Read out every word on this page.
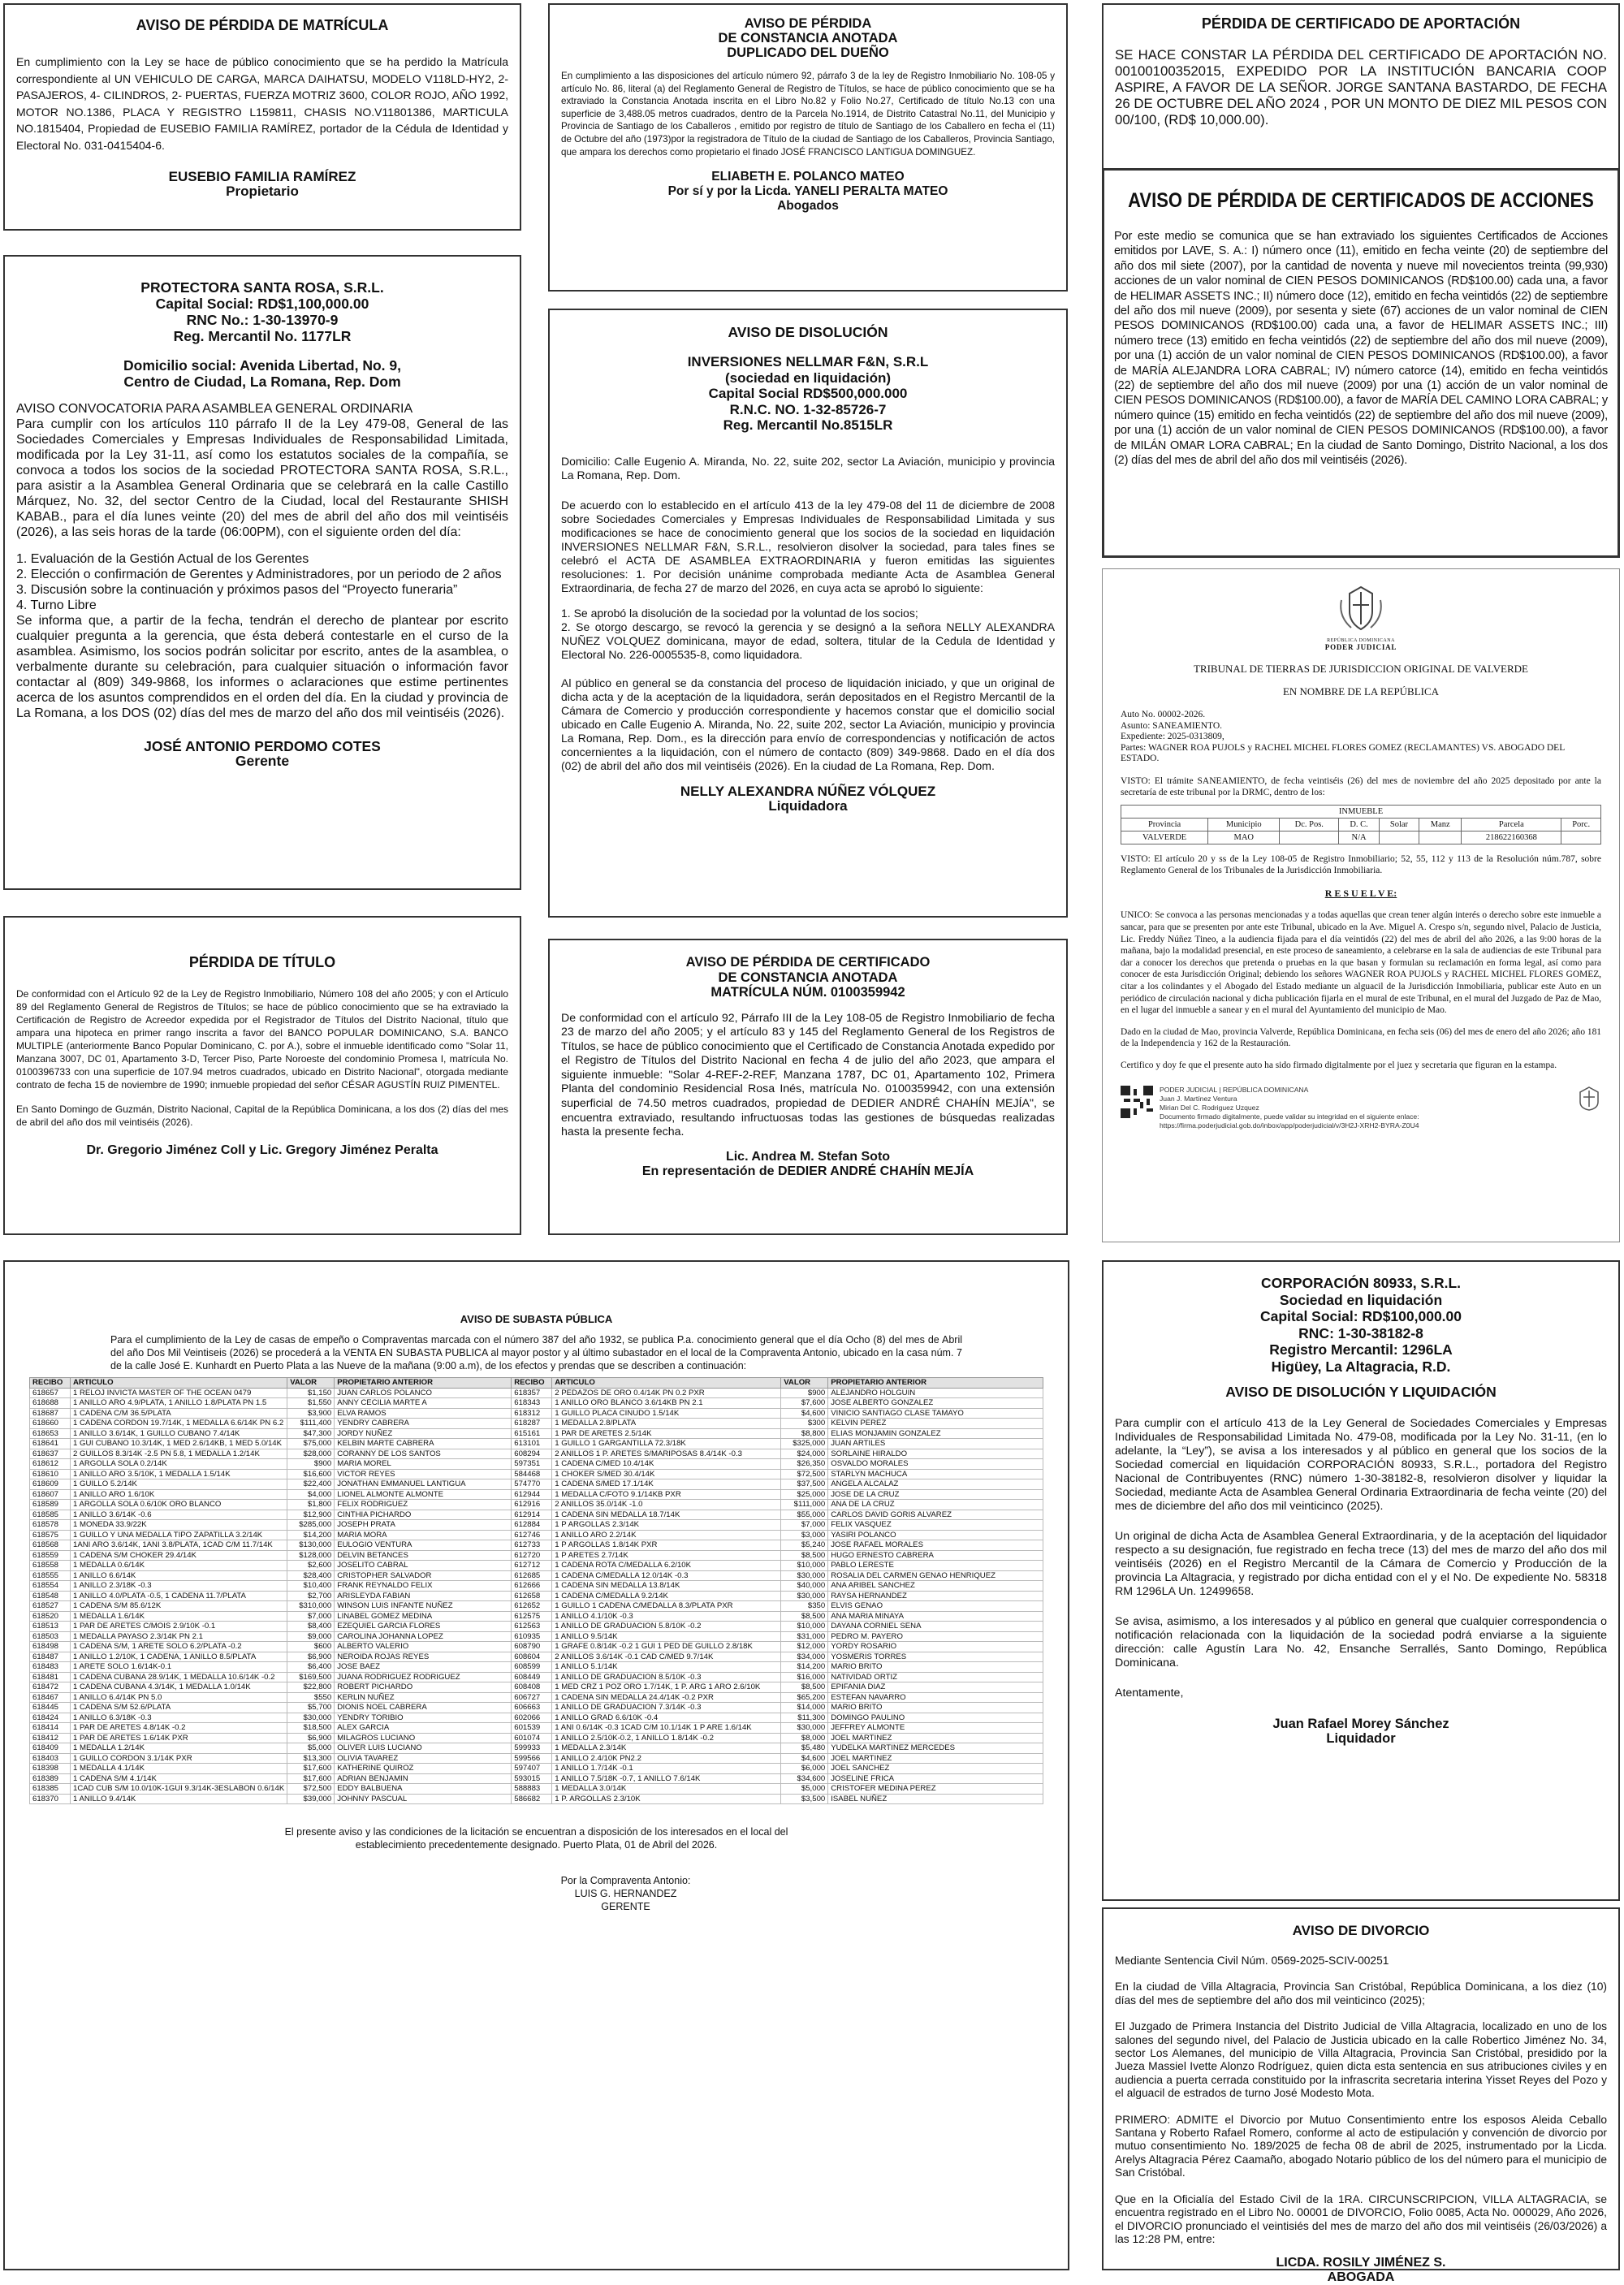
AVISO DE PÉRDIDA DE MATRÍCULA
En cumplimiento con la Ley se hace de público conocimiento que se ha perdido la Matrícula correspondiente al UN VEHICULO DE CARGA, MARCA DAIHATSU, MODELO V118LD-HY2, 2- PASAJEROS, 4- CILINDROS, 2- PUERTAS, FUERZA MOTRIZ 3600, COLOR ROJO, AÑO 1992, MOTOR NO.1386, PLACA Y REGISTRO L159811, CHASIS NO.V11801386, MARTICULA NO.1815404, Propiedad de EUSEBIO FAMILIA RAMÍREZ, portador de la Cédula de Identidad y Electoral No. 031-0415404-6.
EUSEBIO FAMILIA RAMÍREZ
Propietario
AVISO DE PÉRDIDA
DE CONSTANCIA ANOTADA
DUPLICADO DEL DUEÑO
En cumplimiento a las disposiciones del artículo número 92, párrafo 3 de la ley de Registro Inmobiliario No. 108-05 y artículo No. 86, literal (a) del Reglamento General de Registro de Títulos, se hace de público conocimiento que se ha extraviado la Constancia Anotada inscrita en el Libro No.82 y Folio No.27, Certificado de título No.13 con una superficie de 3,488.05 metros cuadrados, dentro de la Parcela No.1914, de Distrito Catastral No.11, del Municipio y Provincia de Santiago de los Caballeros , emitido por registro de título de Santiago de los Caballero en fecha el (11) de Octubre del año (1973)por la registradora de Título de la ciudad de Santiago de los Caballeros, Provincia Santiago, que ampara los derechos como propietario el finado JOSÉ FRANCISCO LANTIGUA DOMINGUEZ.
ELIABETH E. POLANCO MATEO
Por sí y por la Licda. YANELI PERALTA MATEO
Abogados
PÉRDIDA DE CERTIFICADO DE APORTACIÓN
SE HACE CONSTAR LA PÉRDIDA DEL CERTIFICADO DE APORTACIÓN NO. 00100100352015, EXPEDIDO POR LA INSTITUCIÓN BANCARIA COOP ASPIRE, A FAVOR DE LA SEÑOR. JORGE SANTANA BASTARDO, DE FECHA 26 DE OCTUBRE DEL AÑO 2024 , POR UN MONTO DE DIEZ MIL PESOS CON 00/100, (RD$ 10,000.00).
AVISO DE PÉRDIDA DE CERTIFICADOS DE ACCIONES
Por este medio se comunica que se han extraviado los siguientes Certificados de Acciones emitidos por LAVE, S. A.: I) número once (11), emitido en fecha veinte (20) de septiembre del año dos mil siete (2007), por la cantidad de noventa y nueve mil novecientos treinta (99,930) acciones de un valor nominal de CIEN PESOS DOMINICANOS (RD$100.00) cada una, a favor de HELIMAR ASSETS INC.; II) número doce (12), emitido en fecha veintidós (22) de septiembre del año dos mil nueve (2009), por sesenta y siete (67) acciones de un valor nominal de CIEN PESOS DOMINICANOS (RD$100.00) cada una, a favor de HELIMAR ASSETS INC.; III) número trece (13) emitido en fecha veintidós (22) de septiembre del año dos mil nueve (2009), por una (1) acción de un valor nominal de CIEN PESOS DOMINICANOS (RD$100.00), a favor de MARÍA ALEJANDRA LORA CABRAL; IV) número catorce (14), emitido en fecha veintidós (22) de septiembre del año dos mil nueve (2009) por una (1) acción de un valor nominal de CIEN PESOS DOMINICANOS (RD$100.00), a favor de MARÍA DEL CAMINO LORA CABRAL; y número quince (15) emitido en fecha veintidós (22) de septiembre del año dos mil nueve (2009), por una (1) acción de un valor nominal de CIEN PESOS DOMINICANOS (RD$100.00), a favor de MILÁN OMAR LORA CABRAL; En la ciudad de Santo Domingo, Distrito Nacional, a los dos (2) días del mes de abril del año dos mil veintiséis (2026).
PROTECTORA SANTA ROSA, S.R.L.
Capital Social: RD$1,100,000.00
RNC No.: 1-30-13970-9
Reg. Mercantil No. 1177LR
Domicilio social: Avenida Libertad, No. 9,
Centro de Ciudad, La Romana, Rep. Dom
AVISO CONVOCATORIA PARA ASAMBLEA GENERAL ORDINARIA
Para cumplir con los artículos 110 párrafo II de la Ley 479-08, General de las Sociedades Comerciales y Empresas Individuales de Responsabilidad Limitada, modificada por la Ley 31-11, así como los estatutos sociales de la compañía, se convoca a todos los socios de la sociedad PROTECTORA SANTA ROSA, S.R.L., para asistir a la Asamblea General Ordinaria que se celebrará en la calle Castillo Márquez, No. 32, del sector Centro de la Ciudad, local del Restaurante SHISH KABAB., para el día lunes veinte (20) del mes de abril del año dos mil veintiséis (2026), a las seis horas de la tarde (06:00PM), con el siguiente orden del día:
1. Evaluación de la Gestión Actual de los Gerentes
2. Elección o confirmación de Gerentes y Administradores, por un periodo de 2 años
3. Discusión sobre la continuación y próximos pasos del “Proyecto funeraria”
4. Turno Libre
Se informa que, a partir de la fecha, tendrán el derecho de plantear por escrito cualquier pregunta a la gerencia, que ésta deberá contestarle en el curso de la asamblea. Asimismo, los socios podrán solicitar por escrito, antes de la asamblea, o verbalmente durante su celebración, para cualquier situación o información favor contactar al (809) 349-9868, los informes o aclaraciones que estime pertinentes acerca de los asuntos comprendidos en el orden del día. En la ciudad y provincia de La Romana, a los DOS (02) días del mes de marzo del año dos mil veintiséis (2026).
JOSÉ ANTONIO PERDOMO COTES
Gerente
AVISO DE DISOLUCIÓN
INVERSIONES NELLMAR F&N, S.R.L
(sociedad en liquidación)
Capital Social RD$500,000.000
R.N.C. NO. 1-32-85726-7
Reg. Mercantil No.8515LR
Domicilio: Calle Eugenio A. Miranda, No. 22, suite 202, sector La Aviación, municipio y provincia La Romana, Rep. Dom.
De acuerdo con lo establecido en el artículo 413 de la ley 479-08 del 11 de diciembre de 2008 sobre Sociedades Comerciales y Empresas Individuales de Responsabilidad Limitada y sus modificaciones se hace de conocimiento general que los socios de la sociedad en liquidación INVERSIONES NELLMAR F&N, S.R.L., resolvieron disolver la sociedad, para tales fines se celebró el ACTA DE ASAMBLEA EXTRAORDINARIA y fueron emitidas las siguientes resoluciones: 1. Por decisión unánime comprobada mediante Acta de Asamblea General Extraordinaria, de fecha 27 de marzo del 2026, en cuya acta se aprobó lo siguiente:
1. Se aprobó la disolución de la sociedad por la voluntad de los socios;
2. Se otorgo descargo, se revocó la gerencia y se designó a la señora NELLY ALEXANDRA NUÑEZ VOLQUEZ dominicana, mayor de edad, soltera, titular de la Cedula de Identidad y Electoral No. 226-0005535-8, como liquidadora.
Al público en general se da constancia del proceso de liquidación iniciado, y que un original de dicha acta y de la aceptación de la liquidadora, serán depositados en el Registro Mercantil de la Cámara de Comercio y producción correspondiente y hacemos constar que el domicilio social ubicado en Calle Eugenio A. Miranda, No. 22, suite 202, sector La Aviación, municipio y provincia La Romana, Rep. Dom., es la dirección para envío de correspondencias y notificación de actos concernientes a la liquidación, con el número de contacto (809) 349-9868. Dado en el día dos (02) de abril del año dos mil veintiséis (2026). En la ciudad de La Romana, Rep. Dom.
NELLY ALEXANDRA NÚÑEZ VÓLQUEZ
Liquidadora
PÉRDIDA DE TÍTULO
De conformidad con el Artículo 92 de la Ley de Registro Inmobiliario, Número 108 del año 2005; y con el Artículo 89 del Reglamento General de Registros de Títulos; se hace de público conocimiento que se ha extraviado la Certificación de Registro de Acreedor expedida por el Registrador de Títulos del Distrito Nacional, título que ampara una hipoteca en primer rango inscrita a favor del BANCO POPULAR DOMINICANO, S.A. BANCO MULTIPLE (anteriormente Banco Popular Dominicano, C. por A.), sobre el inmueble identificado como "Solar 11, Manzana 3007, DC 01, Apartamento 3-D, Tercer Piso, Parte Noroeste del condominio Promesa I, matrícula No. 0100396733 con una superficie de 107.94 metros cuadrados, ubicado en Distrito Nacional", otorgada mediante contrato de fecha 15 de noviembre de 1990; inmueble propiedad del señor CÉSAR AGUSTÍN RUIZ PIMENTEL.
En Santo Domingo de Guzmán, Distrito Nacional, Capital de la República Dominicana, a los dos (2) días del mes de abril del año dos mil veintiséis (2026).
Dr. Gregorio Jiménez Coll y Lic. Gregory Jiménez Peralta
AVISO DE PÉRDIDA DE CERTIFICADO
DE CONSTANCIA ANOTADA
MATRÍCULA NÚM. 0100359942
De conformidad con el artículo 92, Párrafo III de la Ley 108-05 de Registro Inmobiliario de fecha 23 de marzo del año 2005; y el artículo 83 y 145 del Reglamento General de los Registros de Títulos, se hace de público conocimiento que el Certificado de Constancia Anotada expedido por el Registro de Títulos del Distrito Nacional en fecha 4 de julio del año 2023, que ampara el siguiente inmueble: "Solar 4-REF-2-REF, Manzana 1787, DC 01, Apartamento 102, Primera Planta del condominio Residencial Rosa Inés, matrícula No. 0100359942, con una extensión superficial de 74.50 metros cuadrados, propiedad de DEDIER ANDRÉ CHAHÍN MEJÍA", se encuentra extraviado, resultando infructuosas todas las gestiones de búsquedas realizadas hasta la presente fecha.
Lic. Andrea M. Stefan Soto
En representación de DEDIER ANDRÉ CHAHÍN MEJÍA
REPÚBLICA DOMINICANA
PODER JUDICIAL
TRIBUNAL DE TIERRAS DE JURISDICCION ORIGINAL DE VALVERDE
EN NOMBRE DE LA REPÚBLICA
Auto No. 00002-2026.
Asunto: SANEAMIENTO.
Expediente: 2025-0313809,
Partes: WAGNER ROA PUJOLS y RACHEL MICHEL FLORES GOMEZ (RECLAMANTES) VS. ABOGADO DEL ESTADO.
VISTO: El trámite SANEAMIENTO, de fecha veintiséis (26) del mes de noviembre del año 2025 depositado por ante la secretaría de este tribunal por la DRMC, dentro de los:
INMUEBLE							
Provincia	Municipio	Dc. Pos.	D. C.	Solar	Manz	Parcela	Porc.
VALVERDE	MAO		N/A			218622160368	
VISTO: El artículo 20 y ss de la Ley 108-05 de Registro Inmobiliario; 52, 55, 112 y 113 de la Resolución núm.787, sobre Reglamento General de los Tribunales de la Jurisdicción Inmobiliaria.
R E S U E L V E:
UNICO: Se convoca a las personas mencionadas y a todas aquellas que crean tener algún interés o derecho sobre este inmueble a sancar, para que se presenten por ante este Tribunal, ubicado en la Ave. Miguel A. Crespo s/n, segundo nivel, Palacio de Justicia, Lic. Freddy Núñez Tineo, a la audiencia fijada para el día veintidós (22) del mes de abril del año 2026, a las 9:00 horas de la mañana, bajo la modalidad presencial, en este proceso de saneamiento, a celebrarse en la sala de audiencias de este Tribunal para dar a conocer los derechos que pretenda o pruebas en la que basan y formulan su reclamación en forma legal, así como para conocer de esta Jurisdicción Original; debiendo los señores WAGNER ROA PUJOLS y RACHEL MICHEL FLORES GOMEZ, citar a los colindantes y el Abogado del Estado mediante un alguacil de la Jurisdicción Inmobiliaria, publicar este Auto en un periódico de circulación nacional y dicha publicación fijarla en el mural de este Tribunal, en el mural del Juzgado de Paz de Mao, en el lugar del inmueble a sanear y en el mural del Ayuntamiento del municipio de Mao.
Dado en la ciudad de Mao, provincia Valverde, República Dominicana, en fecha seis (06) del mes de enero del año 2026; año 181 de la Independencia y 162 de la Restauración.
Certifico y doy fe que el presente auto ha sido firmado digitalmente por el juez y secretaria que figuran en la estampa.
PODER JUDICIAL | REPÚBLICA DOMINICANA
Juan J. Martínez Ventura
Mirian Del C. Rodriguez Uzquez
Documento firmado digitalmente, puede validar su integridad en el siguiente enlace:
https://firma.poderjudicial.gob.do/inbox/app/poderjudicial/v/3H2J-XRH2-BYRA-Z0U4
AVISO DE SUBASTA PÚBLICA
Para el cumplimiento de la Ley de casas de empeño o Compraventas marcada con el número 387 del año 1932, se publica P.a. conocimiento general que el día Ocho (8) del mes de Abril del año Dos Mil Veintiseis (2026) se procederá a la VENTA EN SUBASTA PUBLICA al mayor postor y al último subastador en el local de la Compraventa Antonio, ubicado en la casa núm. 7 de la calle José E. Kunhardt en Puerto Plata a las Nueve de la mañana (9:00 a.m), de los efectos y prendas que se describen a continuación:
RECIBO	ARTICULO	VALOR	PROPIETARIO ANTERIOR	RECIBO	ARTICULO	VALOR	PROPIETARIO ANTERIOR
618657	1 RELOJ INVICTA MASTER OF THE OCEAN 0479	$1,150	JUAN CARLOS POLANCO	618357	2 PEDAZOS DE ORO 0.4/14K PN 0.2 PXR	$900	ALEJANDRO HOLGUIN
618688	1 ANILLO ARO 4.9/PLATA, 1 ANILLO 1.8/PLATA PN 1.5	$1,550	ANNY CECILIA MARTE A	618343	1 ANILLO ORO BLANCO 3.6/14KB PN 2.1	$7,600	JOSE ALBERTO GONZALEZ
618687	1 CADENA C/M 36.5/PLATA	$3,900	ELVA RAMOS	618312	1 GUILLO PLACA CINUDO 1.5/14K	$4,600	VINICIO SANTIAGO CLASE TAMAYO
618660	1 CADENA CORDON 19.7/14K, 1 MEDALLA 6.6/14K PN 6.2	$111,400	YENDRY CABRERA	618287	1 MEDALLA 2.8/PLATA	$300	KELVIN PEREZ
618653	1 ANILLO 3.6/14K, 1 GUILLO CUBANO 7.4/14K	$47,300	JORDY NUÑEZ	615161	1 PAR DE ARETES 2.5/14K	$8,800	ELIAS MONJAMIN GONZALEZ
618641	1 GUI CUBANO 10.3/14K, 1 MED 2.6/14KB, 1 MED 5.0/14K	$75,000	KELBIN MARTE CABRERA	613101	1 GUILLO 1 GARGANTILLA 72.3/18K	$325,000	JUAN ARTILES
618637	2 GUILLOS 8.3/14K -2.5 PN 5.8, 1 MEDALLA 1.2/14K	$28,000	CORANNY DE LOS SANTOS	608294	2 ANILLOS 1 P. ARETES S/MARIPOSAS 8.4/14K -0.3	$24,000	SORLAINE HIRALDO
618612	1 ARGOLLA SOLA 0.2/14K	$900	MARIA MOREL	597351	1 CADENA C/MED 10.4/14K	$26,350	OSVALDO MORALES
618610	1 ANILLO ARO 3.5/10K, 1 MEDALLA 1.5/14K	$16,600	VICTOR REYES	584468	1 CHOKER S/MED 30.4/14K	$72,500	STARLYN MACHUCA
618609	1 GUILLO 5.2/14K	$22,400	JONATHAN EMMANUEL LANTIGUA	574770	1 CADENA S/MED 17.1/14K	$37,500	ANGELA ALCALAZ
618607	1 ANILLO ARO 1.6/10K	$4,000	LIONEL ALMONTE ALMONTE	612944	1 MEDALLA C/FOTO 9.1/14KB PXR	$25,000	JOSE DE LA CRUZ
618589	1 ARGOLLA SOLA 0.6/10K ORO BLANCO	$1,800	FELIX RODRIGUEZ	612916	2 ANILLOS 35.0/14K -1.0	$111,000	ANA DE LA CRUZ
618585	1 ANILLO 3.6/14K -0.6	$12,900	CINTHIA PICHARDO	612914	1 CADENA SIN MEDALLA 18.7/14K	$55,000	CARLOS DAVID GORIS ALVAREZ
618578	1 MONEDA 33.9/22K	$285,000	JOSEPH PRATA	612884	1 P ARGOLLAS 2.3/14K	$7,000	FELIX VASQUEZ
618575	1 GUILLO Y UNA MEDALLA TIPO ZAPATILLA 3.2/14K	$14,200	MARIA MORA	612746	1 ANILLO ARO 2.2/14K	$3,000	YASIRI POLANCO
618568	1ANI ARO 3.6/14K, 1ANI 3.8/PLATA, 1CAD C/M 11.7/14K	$130,000	EULOGIO VENTURA	612733	1 P ARGOLLAS 1.8/14K PXR	$5,240	JOSE RAFAEL MORALES
618559	1 CADENA S/M CHOKER 29.4/14K	$128,000	DELVIN BETANCES	612720	1 P ARETES 2.7/14K	$8,500	HUGO ERNESTO CABRERA
618558	1 MEDALLA 0.6/14K	$2,600	JOSELITO CABRAL	612712	1 CADENA ROTA C/MEDALLA 6.2/10K	$10,000	PABLO LERESTE
618555	1 ANILLO 6.6/14K	$28,400	CRISTOPHER SALVADOR	612685	1 CADENA C/MEDALLA 12.0/14K -0.3	$30,000	ROSALIA DEL CARMEN GENAO HENRIQUEZ
618554	1 ANILLO 2.3/18K -0.3	$10,400	FRANK REYNALDO FELIX	612666	1 CADENA SIN MEDALLA 13.8/14K	$40,000	ANA ARIBEL SANCHEZ
618548	1 ANILLO 4.0/PLATA -0.5, 1 CADENA 11.7/PLATA	$2,700	ARISLEYDA FABIAN	612658	1 CADENA C/MEDALLA 9.2/14K	$30,000	RAYSA HERNANDEZ
618527	1 CADENA S/M 85.6/12K	$310,000	WINSON LUIS INFANTE NUÑEZ	612652	1 GUILLO 1 CADENA C/MEDALLA 8.3/PLATA PXR	$350	ELVIS GENAO
618520	1 MEDALLA 1.6/14K	$7,000	LINABEL GOMEZ MEDINA	612575	1 ANILLO 4.1/10K -0.3	$8,500	ANA MARIA MINAYA
618513	1 PAR DE ARETES C/MOIS 2.9/10K -0.1	$8,400	EZEQUIEL GARCIA FLORES	612563	1 ANILLO DE GRADUACION 5.8/10K -0.2	$10,000	DAYANA CORNIEL SENA
618503	1 MEDALLA PAYASO 2.3/14K PN 2.1	$9,000	CAROLINA JOHANNA LOPEZ	610935	1 ANILLO 9.5/14K	$31,000	PEDRO M. PAYERO
618498	1 CADENA S/M, 1 ARETE SOLO 6.2/PLATA -0.2	$600	ALBERTO VALERIO	608790	1 GRAFE 0.8/14K -0.2 1 GUI 1 PED DE GUILLO 2.8/18K	$12,000	YORDY ROSARIO
618487	1 ANILLO 1.2/10K, 1 CADENA, 1 ANILLO 8.5/PLATA	$6,900	NEROIDA ROJAS REYES	608604	2 ANILLOS 3.6/14K -0.1 CAD C/MED 9.7/14K	$34,000	YOSMERIS TORRES
618483	1 ARETE SOLO 1.6/14K-0.1	$6,400	JOSE BAEZ	608599	1 ANILLO 5.1/14K	$14,200	MARIO BRITO
618481	1 CADENA CUBANA 28.9/14K, 1 MEDALLA 10.6/14K -0.2	$169,500	JUANA RODRIGUEZ RODRIGUEZ	608449	1 ANILLO DE GRADUACION 8.5/10K -0.3	$16,000	NATIVIDAD ORTIZ
618472	1 CADENA CUBANA 4.3/14K, 1 MEDALLA 1.0/14K	$22,800	ROBERT PICHARDO	608408	1 MED CRZ 1 POZ ORO 1.7/14K, 1 P. ARG 1 ARO 2.6/10K	$8,500	EPIFANIA DIAZ
618467	1 ANILLO 6.4/14K PN 5.0	$550	KERLIN NUÑEZ	606727	1 CADENA SIN MEDALLA 24.4/14K -0.2 PXR	$65,200	ESTEFAN NAVARRO
618445	1 CADENA S/M 52.6/PLATA	$5,700	DIONIS NOEL CABRERA	606663	1 ANILLO DE GRADUACION 7.3/14K -0.3	$14,000	MARIO BRITO
618424	1 ANILLO 6.3/18K -0.3	$30,000	YENDRY TORIBIO	602066	1 ANILLO GRAD 6.6/10K -0.4	$11,300	DOMINGO PAULINO
618414	1 PAR DE ARETES 4.8/14K -0.2	$18,500	ALEX GARCIA	601539	1 ANI 0.6/14K -0.3 1CAD C/M 10.1/14K 1 P ARE 1.6/14K	$30,000	JEFFREY ALMONTE
618412	1 PAR DE ARETES 1.6/14K PXR	$6,900	MILAGROS LUCIANO	601074	1 ANILLO 2.5/10K-0.2, 1 ANILLO 1.8/14K -0.2	$8,000	JOEL MARTINEZ
618409	1 MEDALLA 1.2/14K	$5,000	OLIVER LUIS LUCIANO	599933	1 MEDALLA 2.3/14K	$5,480	YUDELKA MARTINEZ MERCEDES
618403	1 GUILLO CORDON 3.1/14K PXR	$13,300	OLIVIA TAVAREZ	599566	1 ANILLO 2.4/10K PN2.2	$4,600	JOEL MARTINEZ
618398	1 MEDALLA 4.1/14K	$17,600	KATHERINE QUIROZ	597407	1 ANILLO 1.7/14K -0.1	$6,000	JOEL SANCHEZ
618389	1 CADENA S/M 4.1/14K	$17,600	ADRIAN BENJAMIN	593015	1 ANILLO 7.5/18K -0.7, 1 ANILLO 7.6/14K	$34,600	JOSELINE FRICA
618385	1CAD CUB S/M 10.0/10K-1GUI 9.3/14K-3ESLABON 0.6/14K	$72,500	EDDY BALBUENA	588883	1 MEDALLA 3.0/14K	$5,000	CRISTOFER MEDINA PEREZ
618370	1 ANILLO 9.4/14K	$39,000	JOHNNY PASCUAL	586682	1 P. ARGOLLAS 2.3/10K	$3,500	ISABEL NUÑEZ
El presente aviso y las condiciones de la licitación se encuentran a disposición de los interesados en el local del establecimiento precedentemente designado. Puerto Plata, 01 de Abril del 2026.
Por la Compraventa Antonio:
LUIS G. HERNANDEZ
GERENTE
CORPORACIÓN 80933, S.R.L.
Sociedad en liquidación
Capital Social: RD$100,000.00
RNC: 1-30-38182-8
Registro Mercantil: 1296LA
Higüey, La Altagracia, R.D.
AVISO DE DISOLUCIÓN Y LIQUIDACIÓN
Para cumplir con el artículo 413 de la Ley General de Sociedades Comerciales y Empresas Individuales de Responsabilidad Limitada No. 479-08, modificada por la Ley No. 31-11, (en lo adelante, la “Ley”), se avisa a los interesados y al público en general que los socios de la Sociedad comercial en liquidación CORPORACIÓN 80933, S.R.L., portadora del Registro Nacional de Contribuyentes (RNC) número 1-30-38182-8, resolvieron disolver y liquidar la Sociedad, mediante Acta de Asamblea General Ordinaria Extraordinaria de fecha veinte (20) del mes de diciembre del año dos mil veinticinco (2025).
Un original de dicha Acta de Asamblea General Extraordinaria, y de la aceptación del liquidador respecto a su designación, fue registrado en fecha trece (13) del mes de marzo del año dos mil veintiséis (2026) en el Registro Mercantil de la Cámara de Comercio y Producción de la provincia La Altagracia, y registrado por dicha entidad con el y el No. De expediente No. 58318 RM 1296LA Un. 12499658.
Se avisa, asimismo, a los interesados y al público en general que cualquier correspondencia o notificación relacionada con la liquidación de la sociedad podrá enviarse a la siguiente dirección: calle Agustín Lara No. 42, Ensanche Serrallés, Santo Domingo, República Dominicana.
Atentamente,
Juan Rafael Morey Sánchez
Liquidador
AVISO DE DIVORCIO
Mediante Sentencia Civil Núm. 0569-2025-SCIV-00251
En la ciudad de Villa Altagracia, Provincia San Cristóbal, República Dominicana, a los diez (10) días del mes de septiembre del año dos mil veinticinco (2025);
El Juzgado de Primera Instancia del Distrito Judicial de Villa Altagracia, localizado en uno de los salones del segundo nivel, del Palacio de Justicia ubicado en la calle Robertico Jiménez No. 34, sector Los Alemanes, del municipio de Villa Altagracia, Provincia San Cristóbal, presidido por la Jueza Massiel Ivette Alonzo Rodríguez, quien dicta esta sentencia en sus atribuciones civiles y en audiencia a puerta cerrada constituido por la infrascrita secretaria interina Yisset Reyes del Pozo y el alguacil de estrados de turno José Modesto Mota.
PRIMERO: ADMITE el Divorcio por Mutuo Consentimiento entre los esposos Aleida Ceballo Santana y Roberto Rafael Romero, conforme al acto de estipulación y convención de divorcio por mutuo consentimiento No. 189/2025 de fecha 08 de abril de 2025, instrumentado por la Licda. Arelys Altagracia Pérez Caamaño, abogado Notario público de los del número para el municipio de San Cristóbal.
Que en la Oficialía del Estado Civil de la 1RA. CIRCUNSCRIPCION, VILLA ALTAGRACIA, se encuentra registrado en el Libro No. 00001 de DIVORCIO, Folio 0085, Acta No. 000029, Año 2026, el DIVORCIO pronunciado el veintisiés del mes de marzo del año dos mil veintiséis (26/03/2026) a las 12:28 PM, entre:
LICDA. ROSILY JIMÉNEZ S.
ABOGADA
